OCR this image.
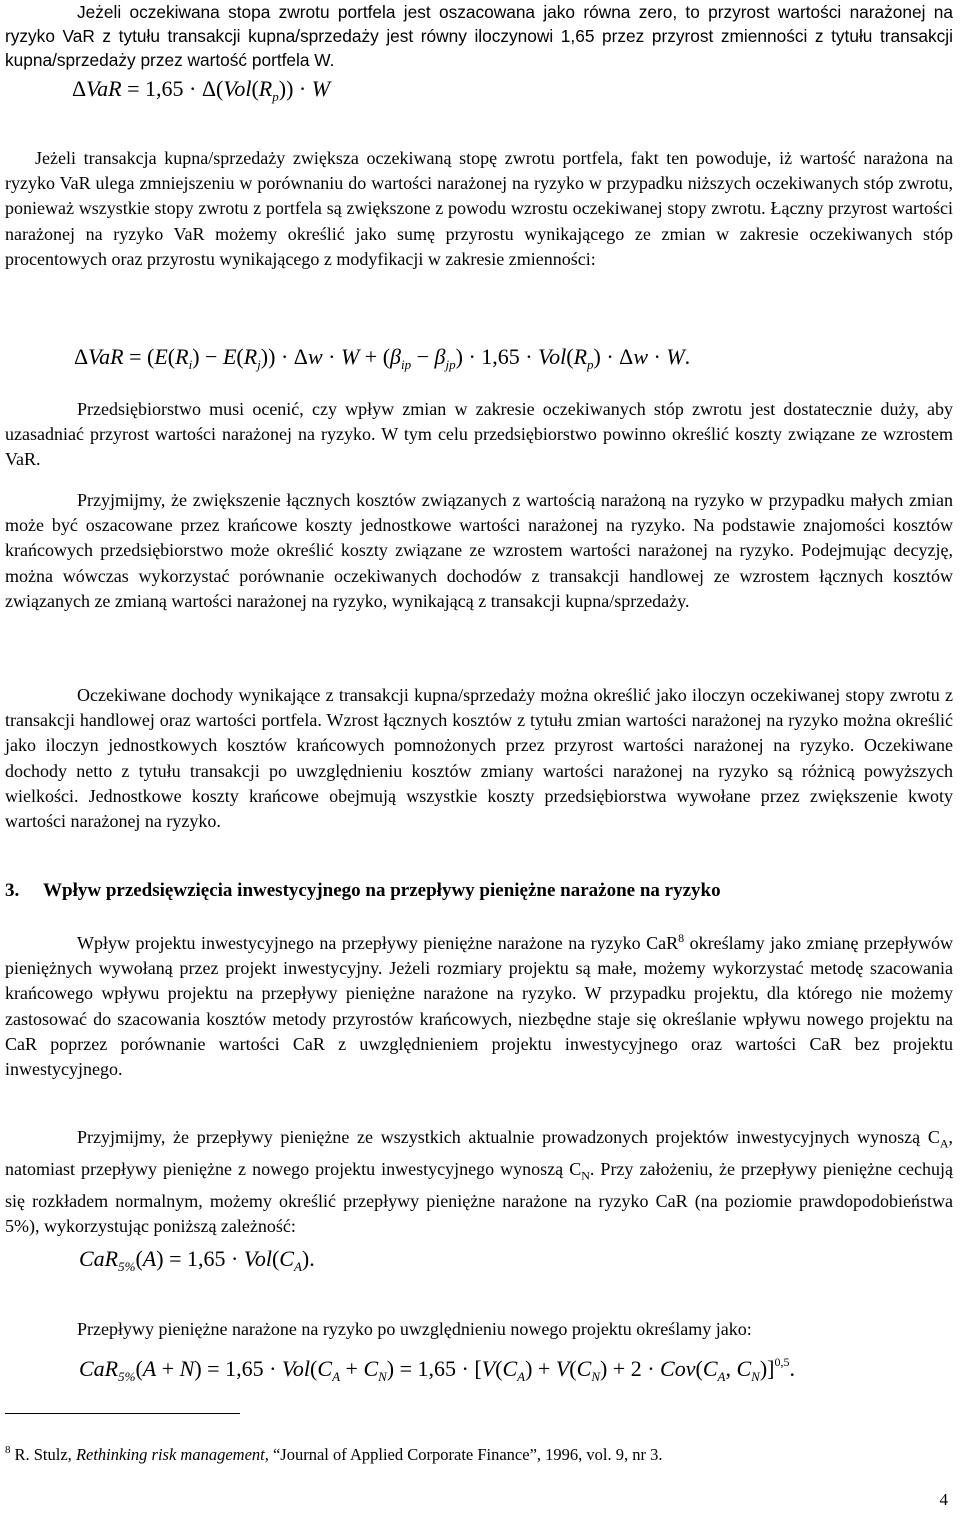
Jeżeli oczekiwana stopa zwrotu portfela jest oszacowana jako równa zero, to przyrost wartości narażonej na ryzyko VaR z tytułu transakcji kupna/sprzedaży jest równy iloczynowi 1,65 przez przyrost zmienności z tytułu transakcji kupna/sprzedaży przez wartość portfela W.

$\Delta VaR = 1,65 \cdot \Delta(Vol(R_p)) \cdot W$

Jeżeli transakcja kupna/sprzedaży zwiększa oczekiwaną stopę zwrotu portfela, fakt ten powoduje, iż wartość narażona na ryzyko VaR ulega zmniejszeniu w porównaniu do wartości narażonej na ryzyko w przypadku niższych oczekiwanych stóp zwrotu, ponieważ wszystkie stopy zwrotu z portfela są zwiększone z powodu wzrostu oczekiwanej stopy zwrotu. Łączny przyrost wartości narażonej na ryzyko VaR możemy określić jako sumę przyrostu wynikającego ze zmian w zakresie oczekiwanych stóp procentowych oraz przyrostu wynikającego z modyfikacji w zakresie zmienności:

$\Delta VaR = (E(R_i) - E(R_j)) \cdot \Delta w \cdot W + (\beta_{ip} - \beta_{jp}) \cdot 1,65 \cdot Vol(R_p) \cdot \Delta w \cdot W$.

Przedsiębiorstwo musi ocenić, czy wpływ zmian w zakresie oczekiwanych stóp zwrotu jest dostatecznie duży, aby uzasadniać przyrost wartości narażonej na ryzyko. W tym celu przedsiębiorstwo powinno określić koszty związane ze wzrostem VaR.

Przyjmijmy, że zwiększenie łącznych kosztów związanych z wartością narażoną na ryzyko w przypadku małych zmian może być oszacowane przez krańcowe koszty jednostkowe wartości narażonej na ryzyko. Na podstawie znajomości kosztów krańcowych przedsiębiorstwo może określić koszty związane ze wzrostem wartości narażonej na ryzyko. Podejmując decyzję, można wówczas wykorzystać porównanie oczekiwanych dochodów z transakcji handlowej ze wzrostem łącznych kosztów związanych ze zmianą wartości narażonej na ryzyko, wynikającą z transakcji kupna/sprzedaży.

Oczekiwane dochody wynikające z transakcji kupna/sprzedaży można określić jako iloczyn oczekiwanej stopy zwrotu z transakcji handlowej oraz wartości portfela. Wzrost łącznych kosztów z tytułu zmian wartości narażonej na ryzyko można określić jako iloczyn jednostkowych kosztów krańcowych pomnożonych przez przyrost wartości narażonej na ryzyko. Oczekiwane dochody netto z tytułu transakcji po uwzględnieniu kosztów zmiany wartości narażonej na ryzyko są różnicą powyższych wielkości. Jednostkowe koszty krańcowe obejmują wszystkie koszty przedsiębiorstwa wywołane przez zwiększenie kwoty wartości narażonej na ryzyko.

3. Wpływ przedsięwzięcia inwestycyjnego na przepływy pieniężne narażone na ryzyko

Wpływ projektu inwestycyjnego na przepływy pieniężne narażone na ryzyko CaR$^8$ określamy jako zmianę przepływów pieniężnych wywołaną przez projekt inwestycyjny. Jeżeli rozmiary projektu są małe, możemy wykorzystać metodę szacowania krańcowego wpływu projektu na przepływy pieniężne narażone na ryzyko. W przypadku projektu, dla którego nie możemy zastosować do szacowania kosztów metody przyrostów krańcowych, niezbędne staje się określanie wpływu nowego projektu na CaR poprzez porównanie wartości CaR z uwzględnieniem projektu inwestycyjnego oraz wartości CaR bez projektu inwestycyjnego.

Przyjmijmy, że przepływy pieniężne ze wszystkich aktualnie prowadzonych projektów inwestycyjnych wynoszą $C_A$, natomiast przepływy pieniężne z nowego projektu inwestycyjnego wynoszą $C_N$. Przy założeniu, że przepływy pieniężne cechują się rozkładem normalnym, możemy określić przepływy pieniężne narażone na ryzyko CaR (na poziomie prawdopodobieństwa 5%), wykorzystując poniższą zależność:

$CaR_{5\%}(A) = 1,65 \cdot Vol(C_A)$.

Przepływy pieniężne narażone na ryzyko po uwzględnieniu nowego projektu określamy jako:

$CaR_{5\%}(A + N) = 1,65 \cdot Vol(C_A + C_N) = 1,65 \cdot [V(C_A) + V(C_N) + 2 \cdot Cov(C_A$, $C_N)]^{0,5}$.
$^8$ R. Stulz, Rethinking risk management, “Journal of Applied Corporate Finance”, 1996, vol. 9, nr 3.
4
